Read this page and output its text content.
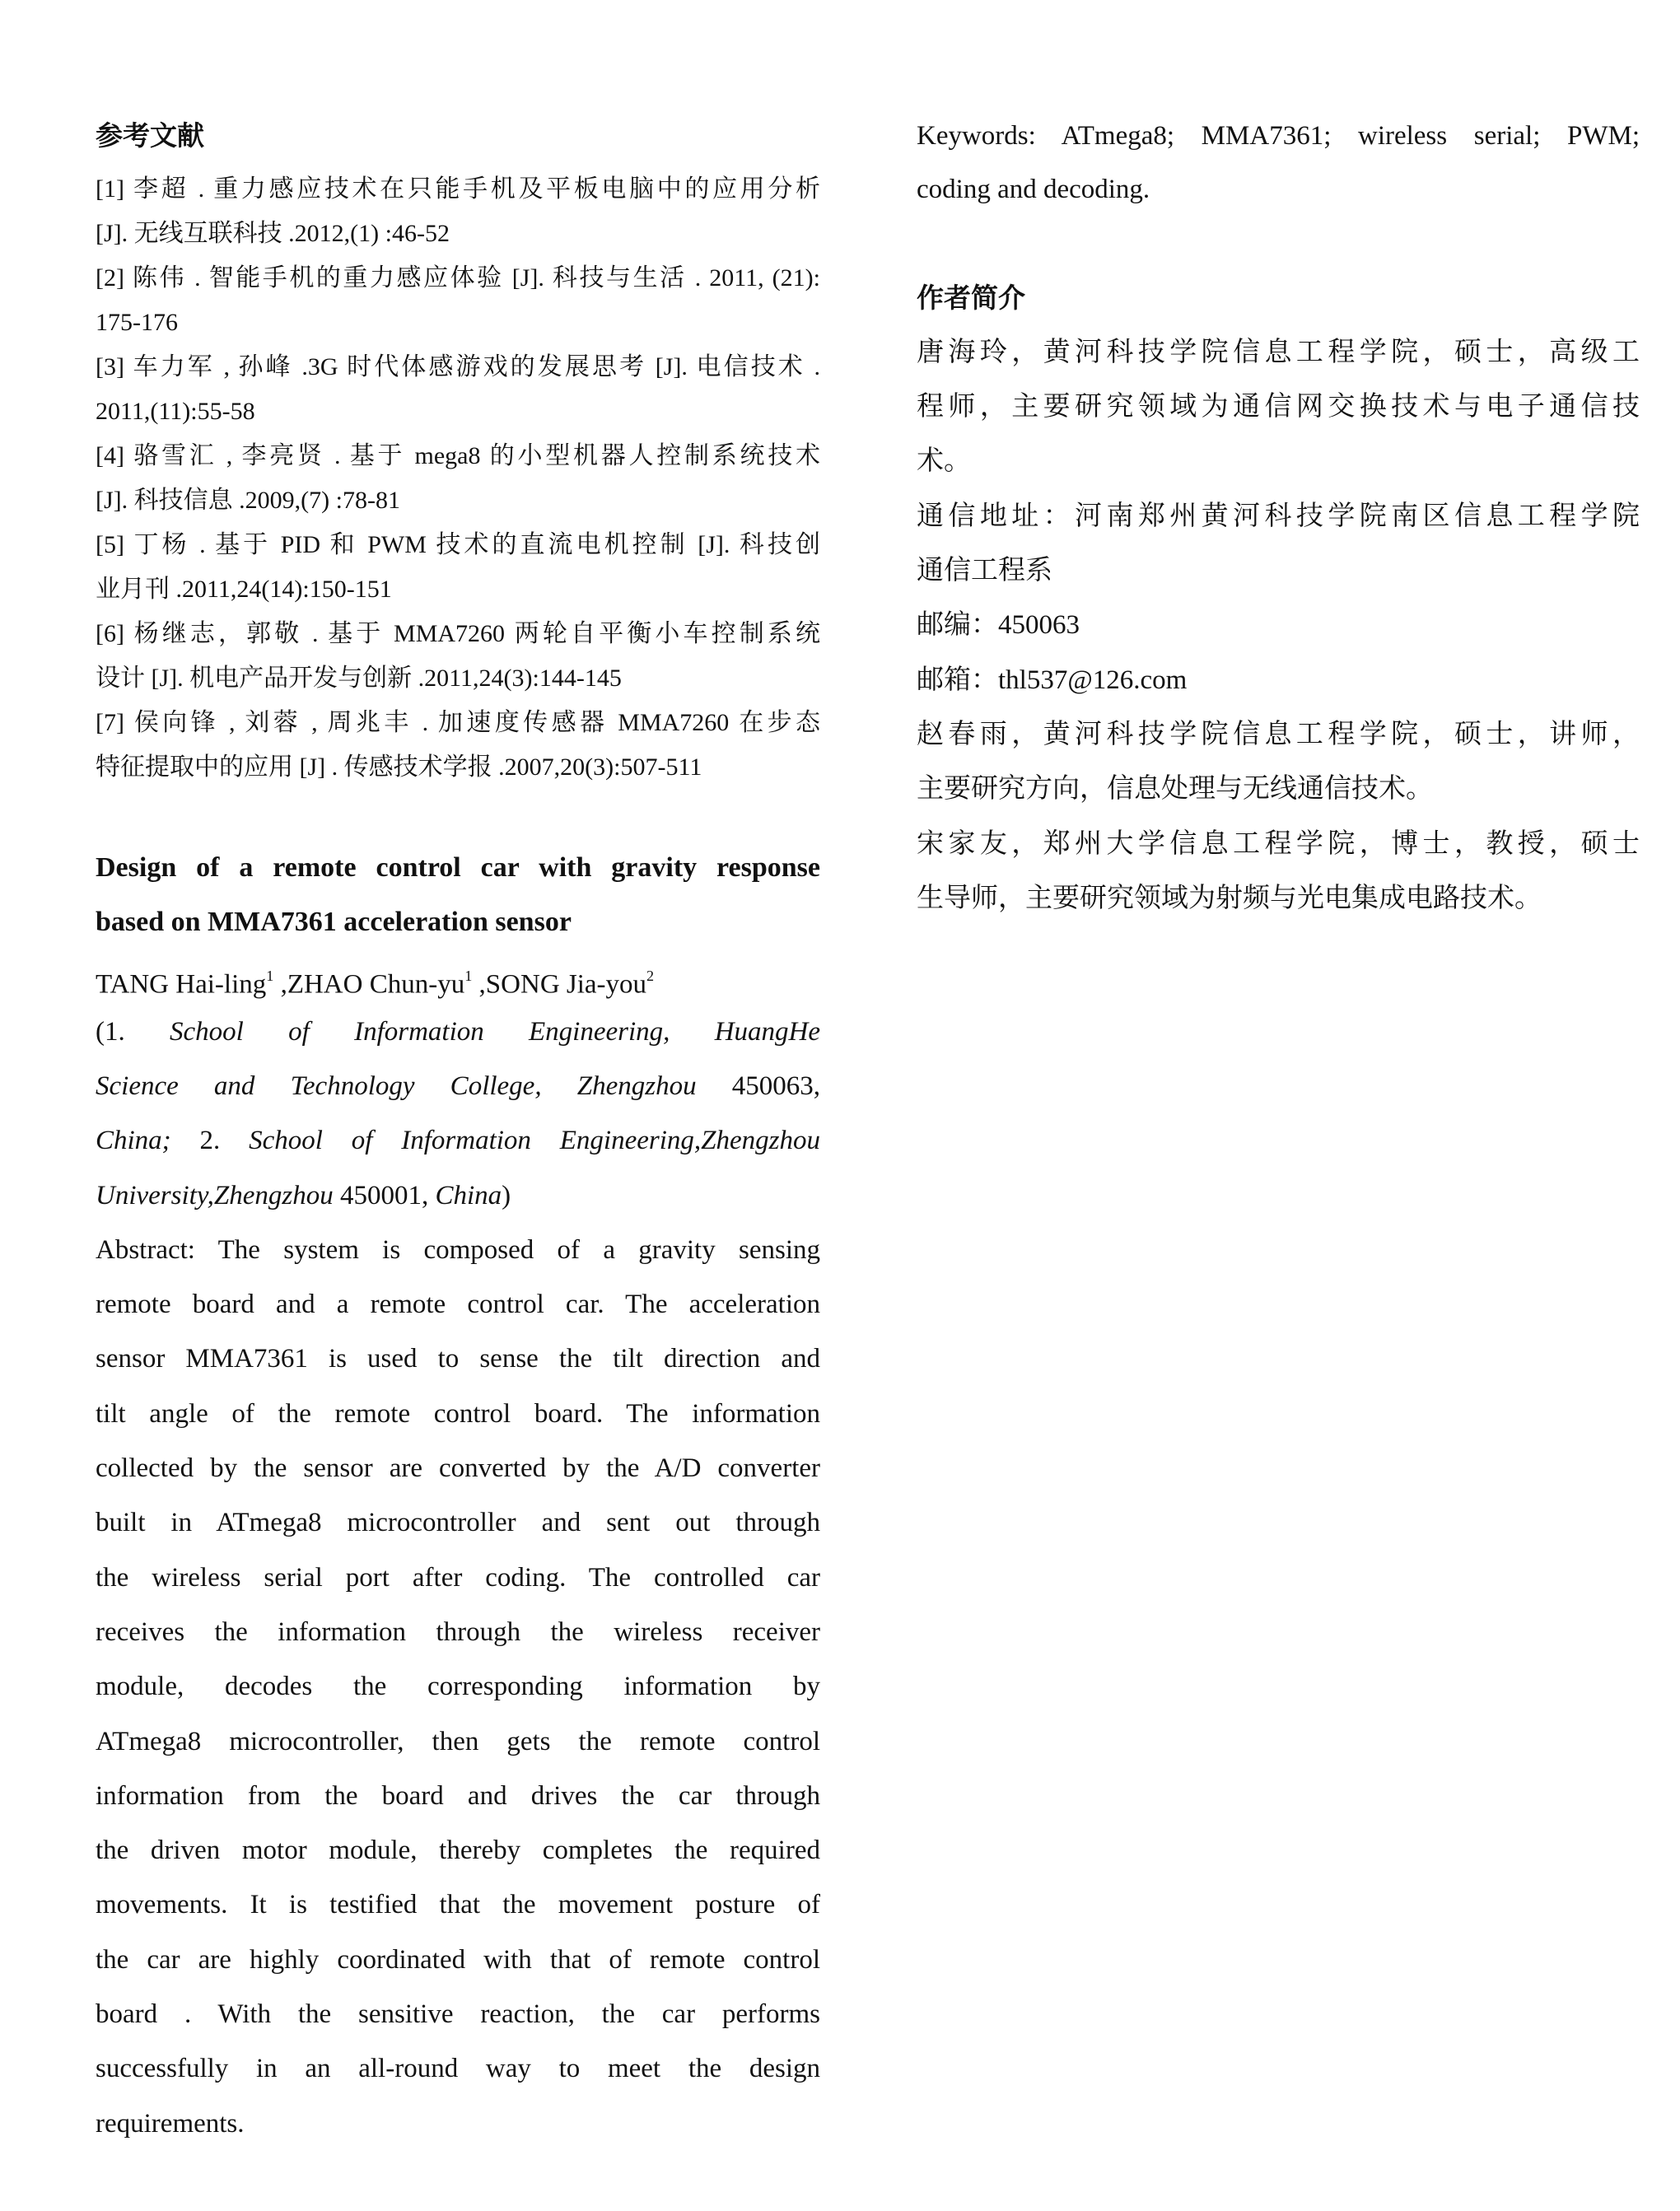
参考文献
[1] 李超 . 重力感应技术在只能手机及平板电脑中的应用分析
[J]. 无线互联科技 .2012,(1) :46-52
[2] 陈伟 . 智能手机的重力感应体验 [J]. 科技与生活 . 2011, (21):
175-176
[3] 车力军 , 孙峰 .3G 时代体感游戏的发展思考 [J]. 电信技术 .
2011,(11):55-58
[4] 骆雪汇 , 李亮贤 . 基于 mega8 的小型机器人控制系统技术
[J]. 科技信息 .2009,(7) :78-81
[5] 丁杨 . 基于 PID 和 PWM 技术的直流电机控制 [J]. 科技创
业月刊 .2011,24(14):150-151
[6] 杨继志，郭敬 . 基于 MMA7260 两轮自平衡小车控制系统
设计 [J]. 机电产品开发与创新 .2011,24(3):144-145
[7] 侯向锋 , 刘蓉 , 周兆丰 . 加速度传感器 MMA7260 在步态
特征提取中的应用 [J] . 传感技术学报 .2007,20(3):507-511
Design of a remote control car with gravity response
based on MMA7361 acceleration sensor
TANG Hai-ling$^1$ ,ZHAO Chun-$yu^1$ ,SONG Jia-you$^2$
(1. School of Information Engineering, HuangHe
Science and Technology College, Zhengzhou 450063,
China; 2. School of Information Engineering,Zhengzhou
University,Zhengzhou 450001, China)
Abstract: The system is composed of a gravity sensing
remote board and a remote control car. The acceleration
sensor MMA7361 is used to sense the tilt direction and
tilt angle of the remote control board. The information
collected by the sensor are converted by the A/D converter
built in ATmega8 microcontroller and sent out through
the wireless serial port after coding. The controlled car
receives the information through the wireless receiver
module, decodes the corresponding information by
ATmega8 microcontroller, then gets the remote control
information from the board and drives the car through
the driven motor module, thereby completes the required
movements. It is testified that the movement posture of
the car are highly coordinated with that of remote control
board . With the sensitive reaction, the car performs
successfully in an all-round way to meet the design
requirements.
Keywords: ATmega8; MMA7361; wireless serial; PWM;
coding and decoding.
作者简介
唐海玲，黄河科技学院信息工程学院，硕士，高级工
程师，主要研究领域为通信网交换技术与电子通信技
术。
通信地址：河南郑州黄河科技学院南区信息工程学院
通信工程系
邮编：450063
邮箱：thl537@126.com
赵春雨，黄河科技学院信息工程学院，硕士，讲师，
主要研究方向，信息处理与无线通信技术。
宋家友，郑州大学信息工程学院，博士，教授，硕士
生导师，主要研究领域为射频与光电集成电路技术。
